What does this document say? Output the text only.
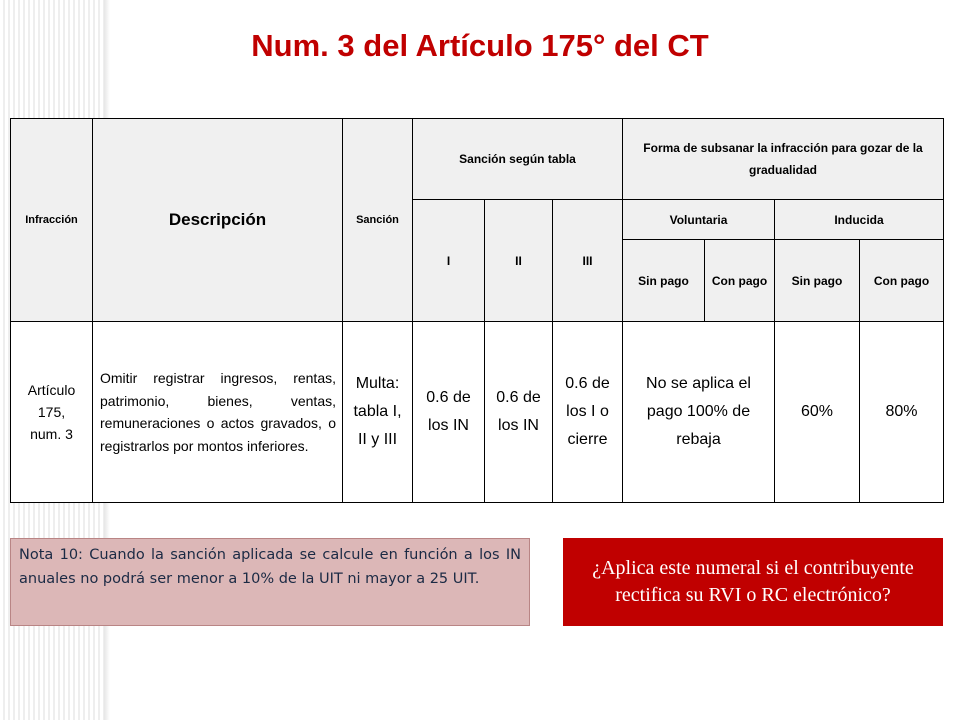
Num. 3 del Artículo 175° del CT
Infracción	Descripción	Sanción	Sanción según tabla			Forma de subsanar la infracción para gozar de la gradualidad			
			I	II	III	Voluntaria		Inducida	
						Sin pago	Con pago	Sin pago	Con pago
Artículo 175, num. 3	Omitir registrar ingresos, rentas, patrimonio, bienes, ventas, remuneraciones o actos gravados, o registrarlos por montos inferiores.	Multa: tabla I, II y III	0.6 de los IN	0.6 de los IN	0.6 de los I o cierre	No se aplica el pago 100% de rebaja		60%	80%
Nota 10: Cuando la sanción aplicada se calcule en función a los IN anuales no podrá ser menor a 10% de la UIT ni mayor a 25 UIT.	¿Aplica este numeral si el contribuyente rectifica su RVI o RC electrónico?
